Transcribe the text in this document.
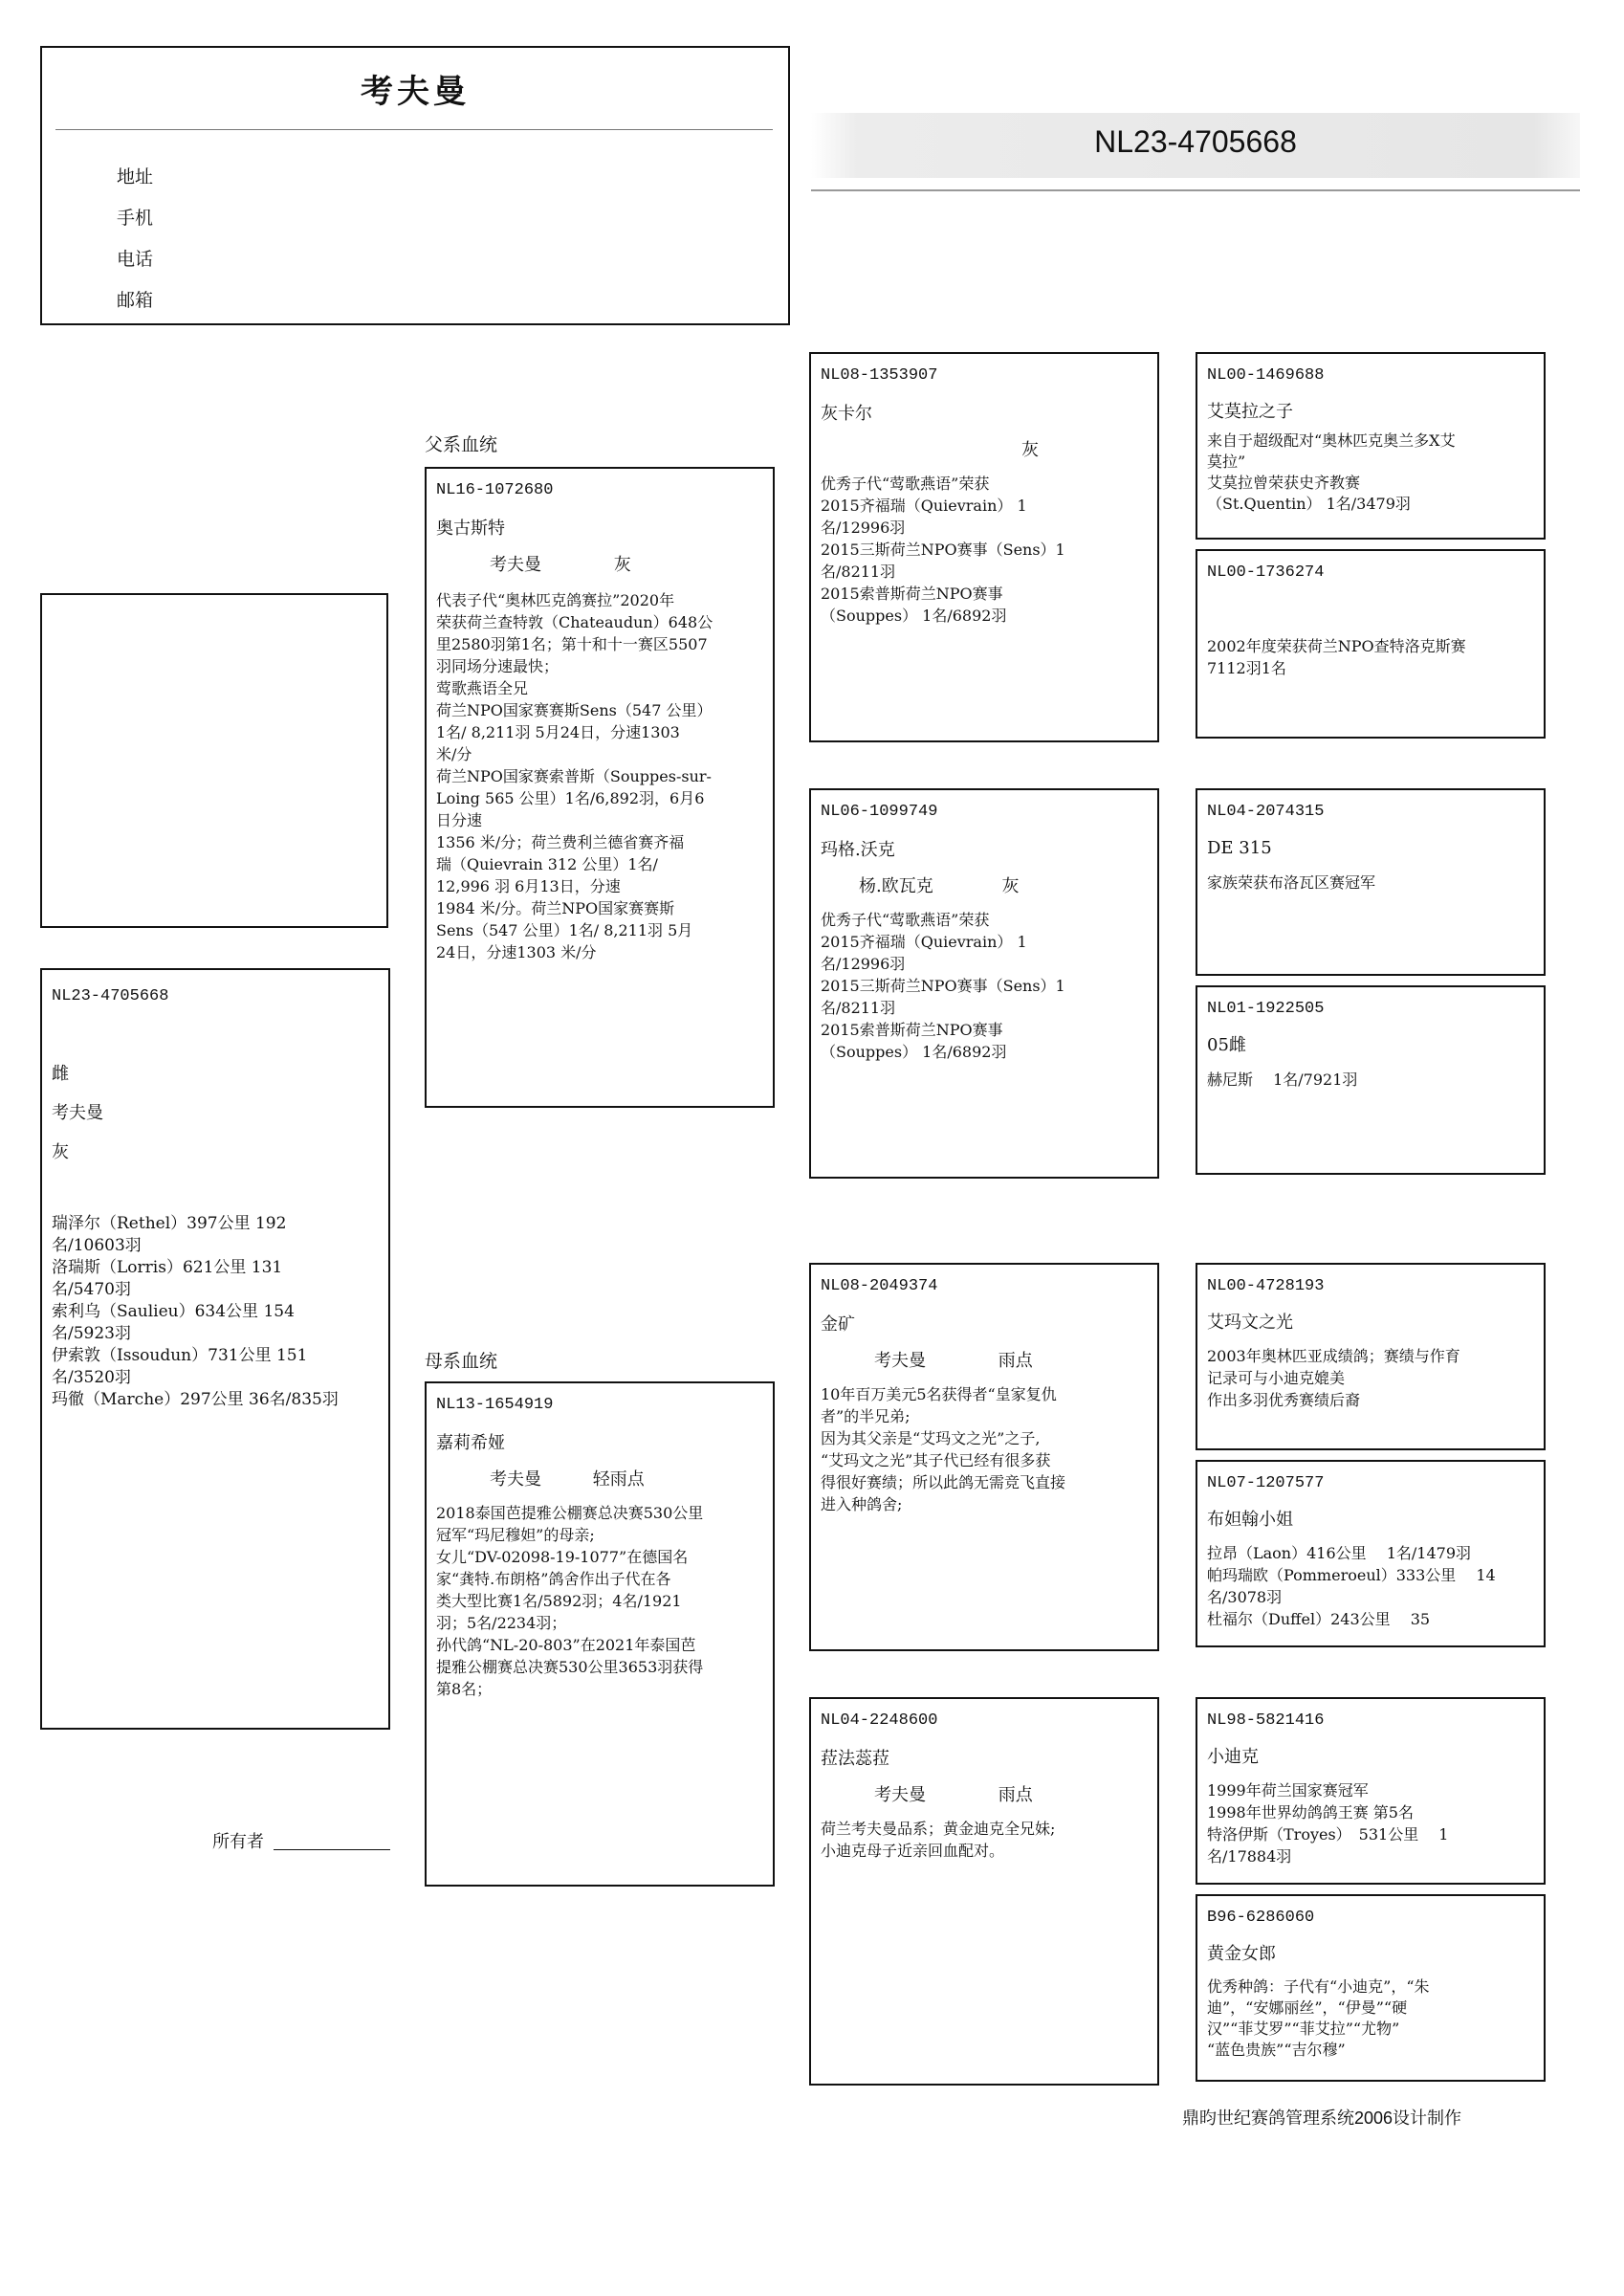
考夫曼
地址
手机
电话
邮箱
NL23-4705668
NL23-4705668
雌
考夫曼
灰
瑞泽尔（Rethel）397公里 192
名/10603羽
洛瑞斯（Lorris）621公里 131
名/5470羽
索利乌（Saulieu）634公里 154
名/5923羽
伊索敦（Issoudun）731公里 151
名/3520羽
玛徹（Marche）297公里 36名/835羽
所有者
父系血统
母系血统
NL16-1072680
奥古斯特
考夫曼	灰
代表子代“奥林匹克鸽赛拉”2020年
荣获荷兰查特敦（Chateaudun）648公
里2580羽第1名；第十和十一赛区5507
羽同场分速最快；
莺歌燕语全兄
荷兰NPO国家赛赛斯Sens（547 公里）
1名/ 8,211羽 5月24日，分速1303
米/分
荷兰NPO国家赛索普斯（Souppes-sur-
Loing 565 公里）1名/6,892羽，6月6
日分速
1356 米/分；荷兰费利兰德省赛齐福
瑞（Quievrain 312 公里）1名/
12,996 羽 6月13日，分速
1984 米/分。荷兰NPO国家赛赛斯
Sens（547 公里）1名/ 8,211羽 5月
24日，分速1303 米/分
NL13-1654919
嘉莉希娅
考夫曼	轻雨点
2018泰国芭提雅公棚赛总决赛530公里
冠军“玛尼穆妲”的母亲;
女儿“DV-02098-19-1077”在德国名
家“龚特.布朗格”鸽舍作出子代在各
类大型比赛1名/5892羽；4名/1921
羽；5名/2234羽；
孙代鸽“NL-20-803”在2021年泰国芭
提雅公棚赛总决赛530公里3653羽获得
第8名；
NL08-1353907
灰卡尔
灰
优秀子代“莺歌燕语”荣获
2015齐福瑞（Quievrain） 1
名/12996羽
2015三斯荷兰NPO赛事（Sens）1
名/8211羽
2015索普斯荷兰NPO赛事
（Souppes） 1名/6892羽
NL06-1099749
玛格.沃克
杨.欧瓦克	灰
优秀子代“莺歌燕语”荣获
2015齐福瑞（Quievrain） 1
名/12996羽
2015三斯荷兰NPO赛事（Sens）1
名/8211羽
2015索普斯荷兰NPO赛事
（Souppes） 1名/6892羽
NL08-2049374
金矿
考夫曼	雨点
10年百万美元5名获得者“皇家复仇
者”的半兄弟;
因为其父亲是“艾玛文之光”之子,
“艾玛文之光”其子代已经有很多获
得很好赛绩；所以此鸽无需竞飞直接
进入种鸽舍;
NL04-2248600
菈法蕊菈
考夫曼	雨点
荷兰考夫曼品系；黄金迪克全兄妹;
小迪克母子近亲回血配对。
NL00-1469688
艾莫拉之子
来自于超级配对“奥林匹克奥兰多X艾
莫拉”
艾莫拉曾荣获史齐教赛
（St.Quentin） 1名/3479羽
NL00-1736274
2002年度荣获荷兰NPO查特洛克斯赛
7112羽1名
NL04-2074315
DE 315
家族荣获布洛瓦区赛冠军
NL01-1922505
05雌
赫尼斯　 1名/7921羽
NL00-4728193
艾玛文之光
2003年奥林匹亚成绩鸽；赛绩与作育
记录可与小迪克媲美
作出多羽优秀赛绩后裔
NL07-1207577
布妲翰小姐
拉昂（Laon）416公里　 1名/1479羽
帕玛瑞欧（Pommeroeul）333公里　 14
名/3078羽
杜福尔（Duffel）243公里　 35
NL98-5821416
小迪克
1999年荷兰国家赛冠军
1998年世界幼鸽鸽王赛 第5名
特洛伊斯（Troyes）　531公里　 1
名/17884羽
B96-6286060
黄金女郎
优秀种鸽：子代有“小迪克”，“朱
迪”，“安娜丽丝”，“伊曼”“硬
汉”“菲艾罗”“菲艾拉”“尤物”
“蓝色贵族”“吉尔穆”
鼎昀世纪赛鸽管理系统2006设计制作
